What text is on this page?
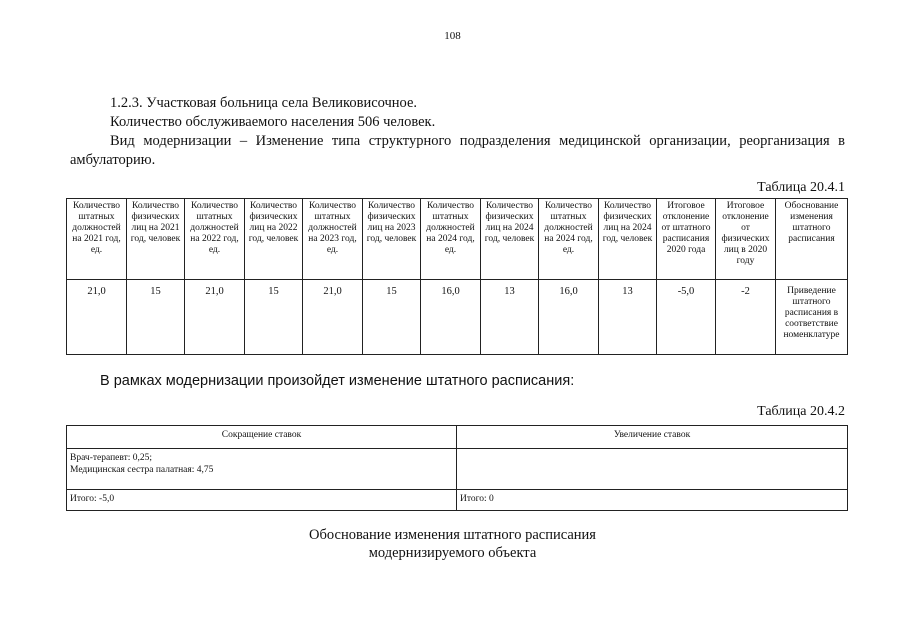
108

1.2.3. Участковая больница села Великовисочное.

Количество обслуживаемого населения 506 человек.

Вид модернизации – Изменение типа структурного подразделения медицинской организации, реорганизация в амбулаторию.

Таблица 20.4.1
Количество штатных должностей на 2021 год, ед.	Количество физических лиц на 2021 год, человек	Количество штатных должностей на 2022 год, ед.	Количество физических лиц на 2022 год, человек	Количество штатных должностей на 2023 год, ед.	Количество физических лиц на 2023 год, человек	Количество штатных должностей на 2024 год, ед.	Количество физических лиц на 2024 год, человек	Количество штатных должностей на 2024 год, ед.	Количество физических лиц на 2024 год, человек	Итоговое отклонение от штатного расписания 2020 года	Итоговое отклонение от физических лиц в 2020 году	Обоснование изменения штатного расписания
21,0	15	21,0	15	21,0	15	16,0	13	16,0	13	-5,0	-2	Приведение штатного расписания в соответствие номенклатуре
В рамках модернизации произойдет изменение штатного расписания:
Таблица 20.4.2
Сокращение ставок	Увеличение ставок

Врач-терапевт: 0,25;
Медицинская сестра палатная: 4,75	

Итого: -5,0	Итого: 0
Обоснование изменения штатного расписания
модернизируемого объекта
